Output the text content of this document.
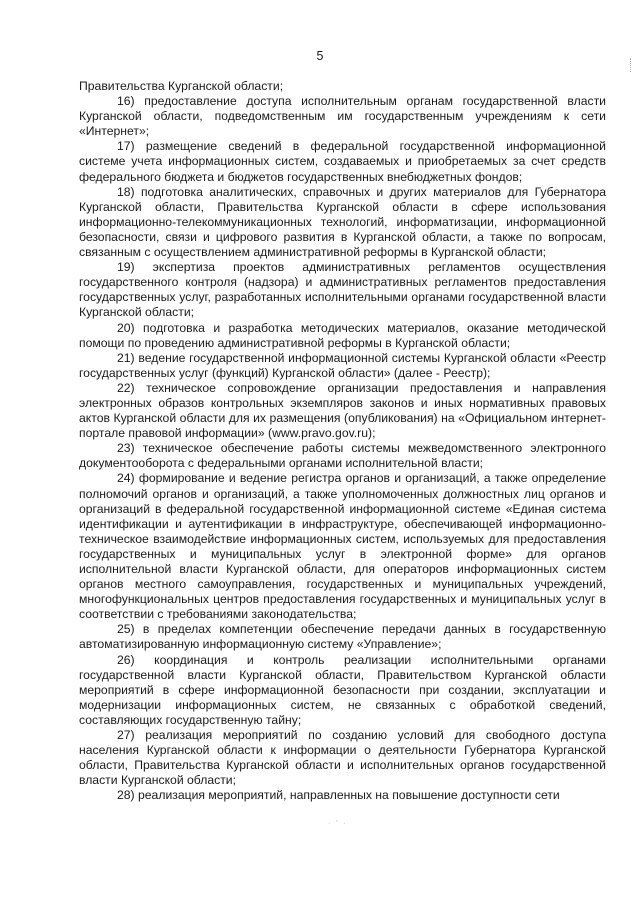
5

Правительства Курганской области;

16) предоставление доступа исполнительным органам государственной власти Курганской области, подведомственным им государственным учреждениям к сети «Интернет»;

17) размещение сведений в федеральной государственной информационной системе учета информационных систем, создаваемых и приобретаемых за счет средств федерального бюджета и бюджетов государственных внебюджетных фондов;

18) подготовка аналитических, справочных и других материалов для Губернатора Курганской области, Правительства Курганской области в сфере использования информационно-телекоммуникационных технологий, информатизации, информационной безопасности, связи и цифрового развития в Курганской области, а также по вопросам, связанным с осуществлением административной реформы в Курганской области;

19) экспертиза проектов административных регламентов осуществления государственного контроля (надзора) и административных регламентов предоставления государственных услуг, разработанных исполнительными органами государственной власти Курганской области;

20) подготовка и разработка методических материалов, оказание методической помощи по проведению административной реформы в Курганской области;

21) ведение государственной информационной системы Курганской области «Реестр государственных услуг (функций) Курганской области» (далее - Реестр);

22) техническое сопровождение организации предоставления и направления электронных образов контрольных экземпляров законов и иных нормативных правовых актов Курганской области для их размещения (опубликования) на «Официальном интернет-портале правовой информации» (www.pravo.gov.ru);

23) техническое обеспечение работы системы межведомственного электронного документооборота с федеральными органами исполнительной власти;

24) формирование и ведение регистра органов и организаций, а также определение полномочий органов и организаций, а также уполномоченных должностных лиц органов и организаций в федеральной государственной информационной системе «Единая система идентификации и аутентификации в инфраструктуре, обеспечивающей информационно-техническое взаимодействие информационных систем, используемых для предоставления государственных и муниципальных услуг в электронной форме» для органов исполнительной власти Курганской области, для операторов информационных систем органов местного самоуправления, государственных и муниципальных учреждений, многофункциональных центров предоставления государственных и муниципальных услуг в соответствии с требованиями законодательства;

25) в пределах компетенции обеспечение передачи данных в государственную автоматизированную информационную систему «Управление»;

26) координация и контроль реализации исполнительными органами государственной власти Курганской области, Правительством Курганской области мероприятий в сфере информационной безопасности при создании, эксплуатации и модернизации информационных систем, не связанных с обработкой сведений, составляющих государственную тайну;

27) реализация мероприятий по созданию условий для свободного доступа населения Курганской области к информации о деятельности Губернатора Курганской области, Правительства Курганской области и исполнительных органов государственной власти Курганской области;

28) реализация мероприятий, направленных на повышение доступности сети

· ' ·
